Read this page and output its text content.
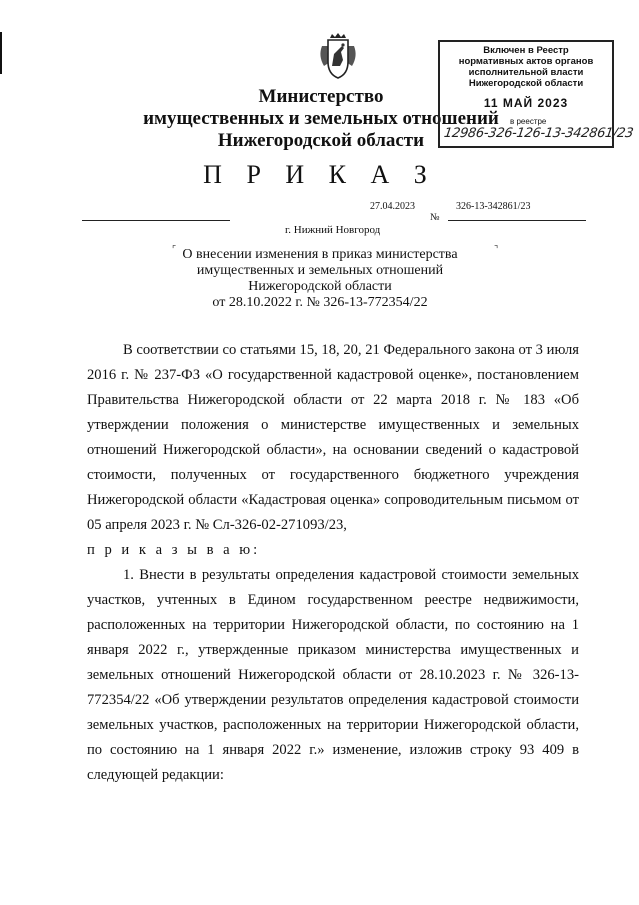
Министерство
имущественных и земельных отношений
Нижегородской области
Включен в Реестр
нормативных актов органов
исполнительной власти
Нижегородской области
11 МАЙ 2023
в реестре
12986-326-126-13-342861/23
П Р И К А З
27.04.2023	326-13-342861/23
№
г. Нижний Новгород
⌜	⌝
О внесении изменения в приказ министерства
имущественных и земельных отношений
Нижегородской области
от 28.10.2022 г. № 326-13-772354/22

В соответствии со статьями 15, 18, 20, 21 Федерального закона от 3 июля 2016 г. № 237-ФЗ «О государственной кадастровой оценке», постановлением Правительства Нижегородской области от 22 марта 2018 г. № 183 «Об утверждении положения о министерстве имущественных и земельных отношений Нижегородской области», на основании сведений о кадастровой стоимости, полученных от государственного бюджетного учреждения Нижегородской области «Кадастровая оценка» сопроводительным письмом от 05 апреля 2023 г. № Сл-326-02-271093/23,

п р и к а з ы в а ю:

1. Внести в результаты определения кадастровой стоимости земельных участков, учтенных в Едином государственном реестре недвижимости, расположенных на территории Нижегородской области, по состоянию на 1 января 2022 г., утвержденные приказом министерства имущественных и земельных отношений Нижегородской области от 28.10.2023 г. № 326-13-772354/22 «Об утверждении результатов определения кадастровой стоимости земельных участков, расположенных на территории Нижегородской области, по состоянию на 1 января 2022 г.» изменение, изложив строку 93 409 в следующей редакции:
